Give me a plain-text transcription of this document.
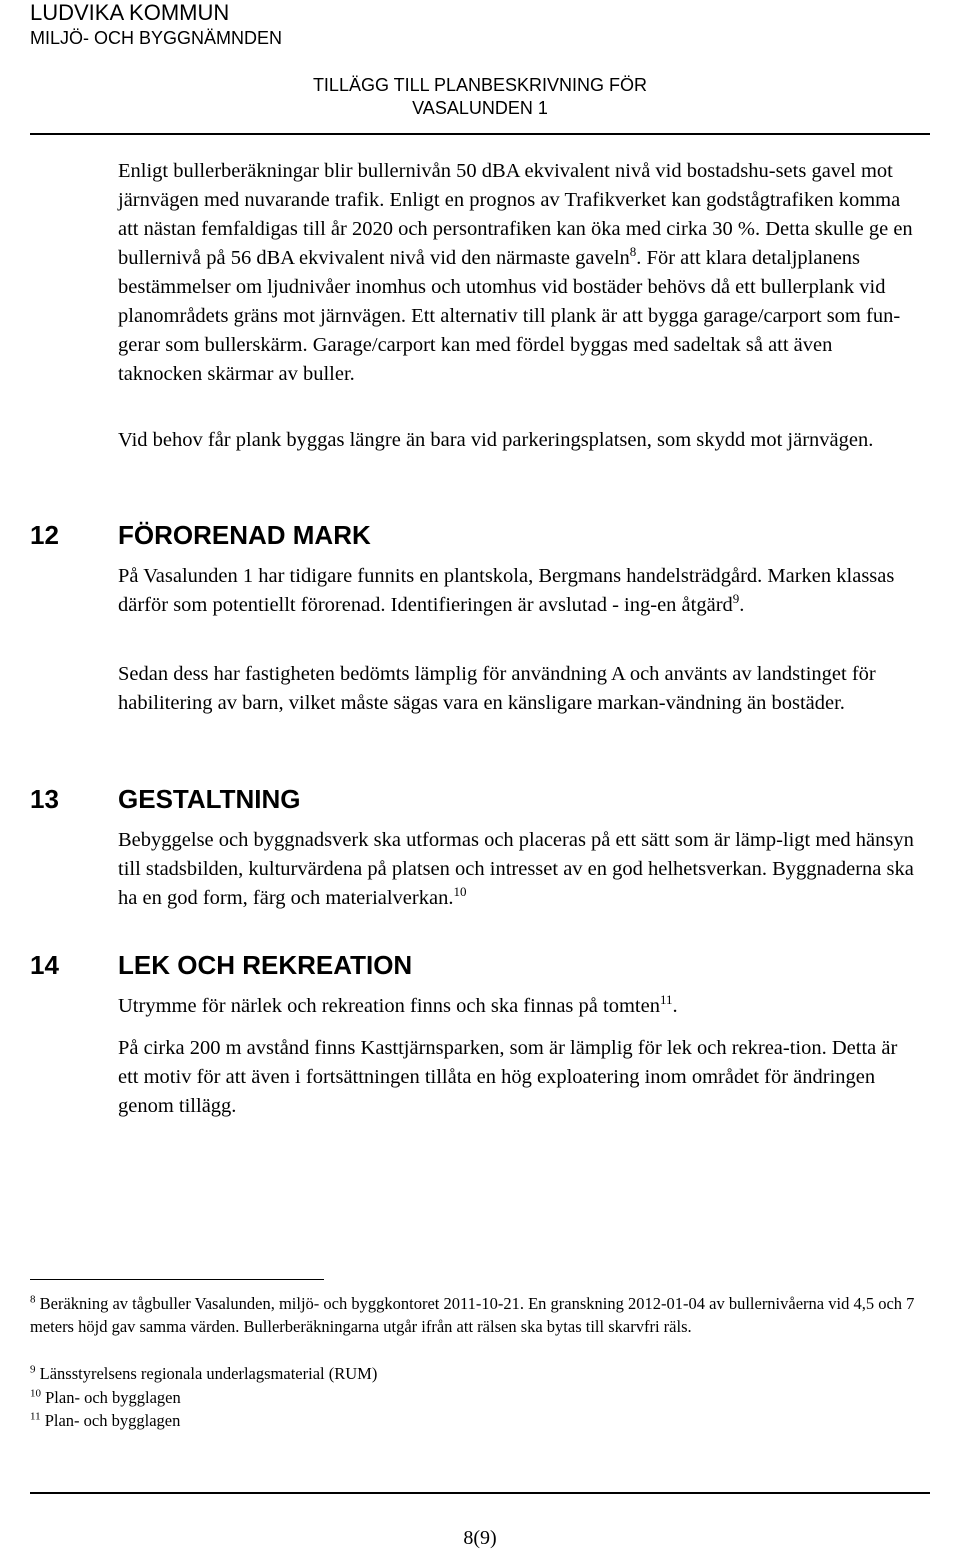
LUDVIKA KOMMUN
MILJÖ- OCH BYGGNÄMNDEN
TILLÄGG TILL PLANBESKRIVNING FÖR
VASALUNDEN 1

Enligt bullerberäkningar blir bullernivån 50 dBA ekvivalent nivå vid bostadshu-sets gavel mot järnvägen med nuvarande trafik. Enligt en prognos av Trafikverket kan godstågtrafiken komma att nästan femfaldigas till år 2020 och persontrafiken kan öka med cirka 30 %. Detta skulle ge en bullernivå på 56 dBA ekvivalent nivå vid den närmaste gaveln$^8$. För att klara detaljplanens bestämmelser om ljudnivåer inomhus och utomhus vid bostäder behövs då ett bullerplank vid planområdets gräns mot järnvägen. Ett alternativ till plank är att bygga garage/carport som fun-gerar som bullerskärm. Garage/carport kan med fördel byggas med sadeltak så att även taknocken skärmar av buller.

Vid behov får plank byggas längre än bara vid parkeringsplatsen, som skydd mot järnvägen.

12 FÖRORENAD MARK

På Vasalunden 1 har tidigare funnits en plantskola, Bergmans handelsträdgård. Marken klassas därför som potentiellt förorenad. Identifieringen är avslutad - ing-en åtgärd$^9$.

Sedan dess har fastigheten bedömts lämplig för användning A och använts av landstinget för habilitering av barn, vilket måste sägas vara en känsligare markan-vändning än bostäder.

13 GESTALTNING

Bebyggelse och byggnadsverk ska utformas och placeras på ett sätt som är lämp-ligt med hänsyn till stadsbilden, kulturvärdena på platsen och intresset av en god helhetsverkan. Byggnaderna ska ha en god form, färg och materialverkan.$^{10}$

14 LEK OCH REKREATION

Utrymme för närlek och rekreation finns och ska finnas på tomten$^{11}$.

På cirka 200 m avstånd finns Kasttjärnsparken, som är lämplig för lek och rekrea-tion. Detta är ett motiv för att även i fortsättningen tillåta en hög exploatering inom området för ändringen genom tillägg.

$^8$ Beräkning av tågbuller Vasalunden, miljö- och byggkontoret 2011-10-21. En granskning 2012-01-04 av bullernivåerna vid 4,5 och 7 meters höjd gav samma värden. Bullerberäkningarna utgår ifrån att rälsen ska bytas till skarvfri räls.

$^9$ Länsstyrelsens regionala underlagsmaterial (RUM)

$^{10}$ Plan- och bygglagen

$^{11}$ Plan- och bygglagen

8(9)
